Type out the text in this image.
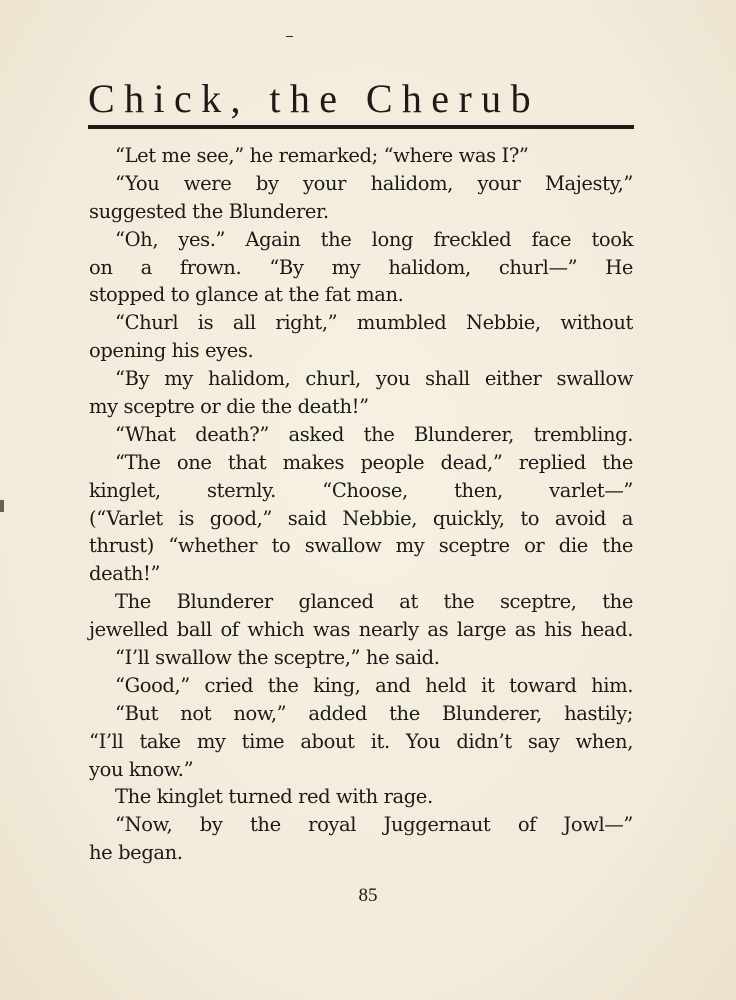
Chick, the Cherub
“Let me see,” he remarked; “where was I?”
“You were by your halidom, your Majesty,”
suggested the Blunderer.
“Oh, yes.” Again the long freckled face took
on a frown. “By my halidom, churl—” He
stopped to glance at the fat man.
“Churl is all right,” mumbled Nebbie, without
opening his eyes.
“By my halidom, churl, you shall either swallow
my sceptre or die the death!”
“What death?” asked the Blunderer, trembling.
“The one that makes people dead,” replied the
kinglet, sternly. “Choose, then, varlet—”
(“Varlet is good,” said Nebbie, quickly, to avoid a
thrust) “whether to swallow my sceptre or die the
death!”
The Blunderer glanced at the sceptre, the
jewelled ball of which was nearly as large as his head.
“I’ll swallow the sceptre,” he said.
“Good,” cried the king, and held it toward him.
“But not now,” added the Blunderer, hastily;
“I’ll take my time about it. You didn’t say when,
you know.”
The kinglet turned red with rage.
“Now, by the royal Juggernaut of Jowl—”
he began.
85
